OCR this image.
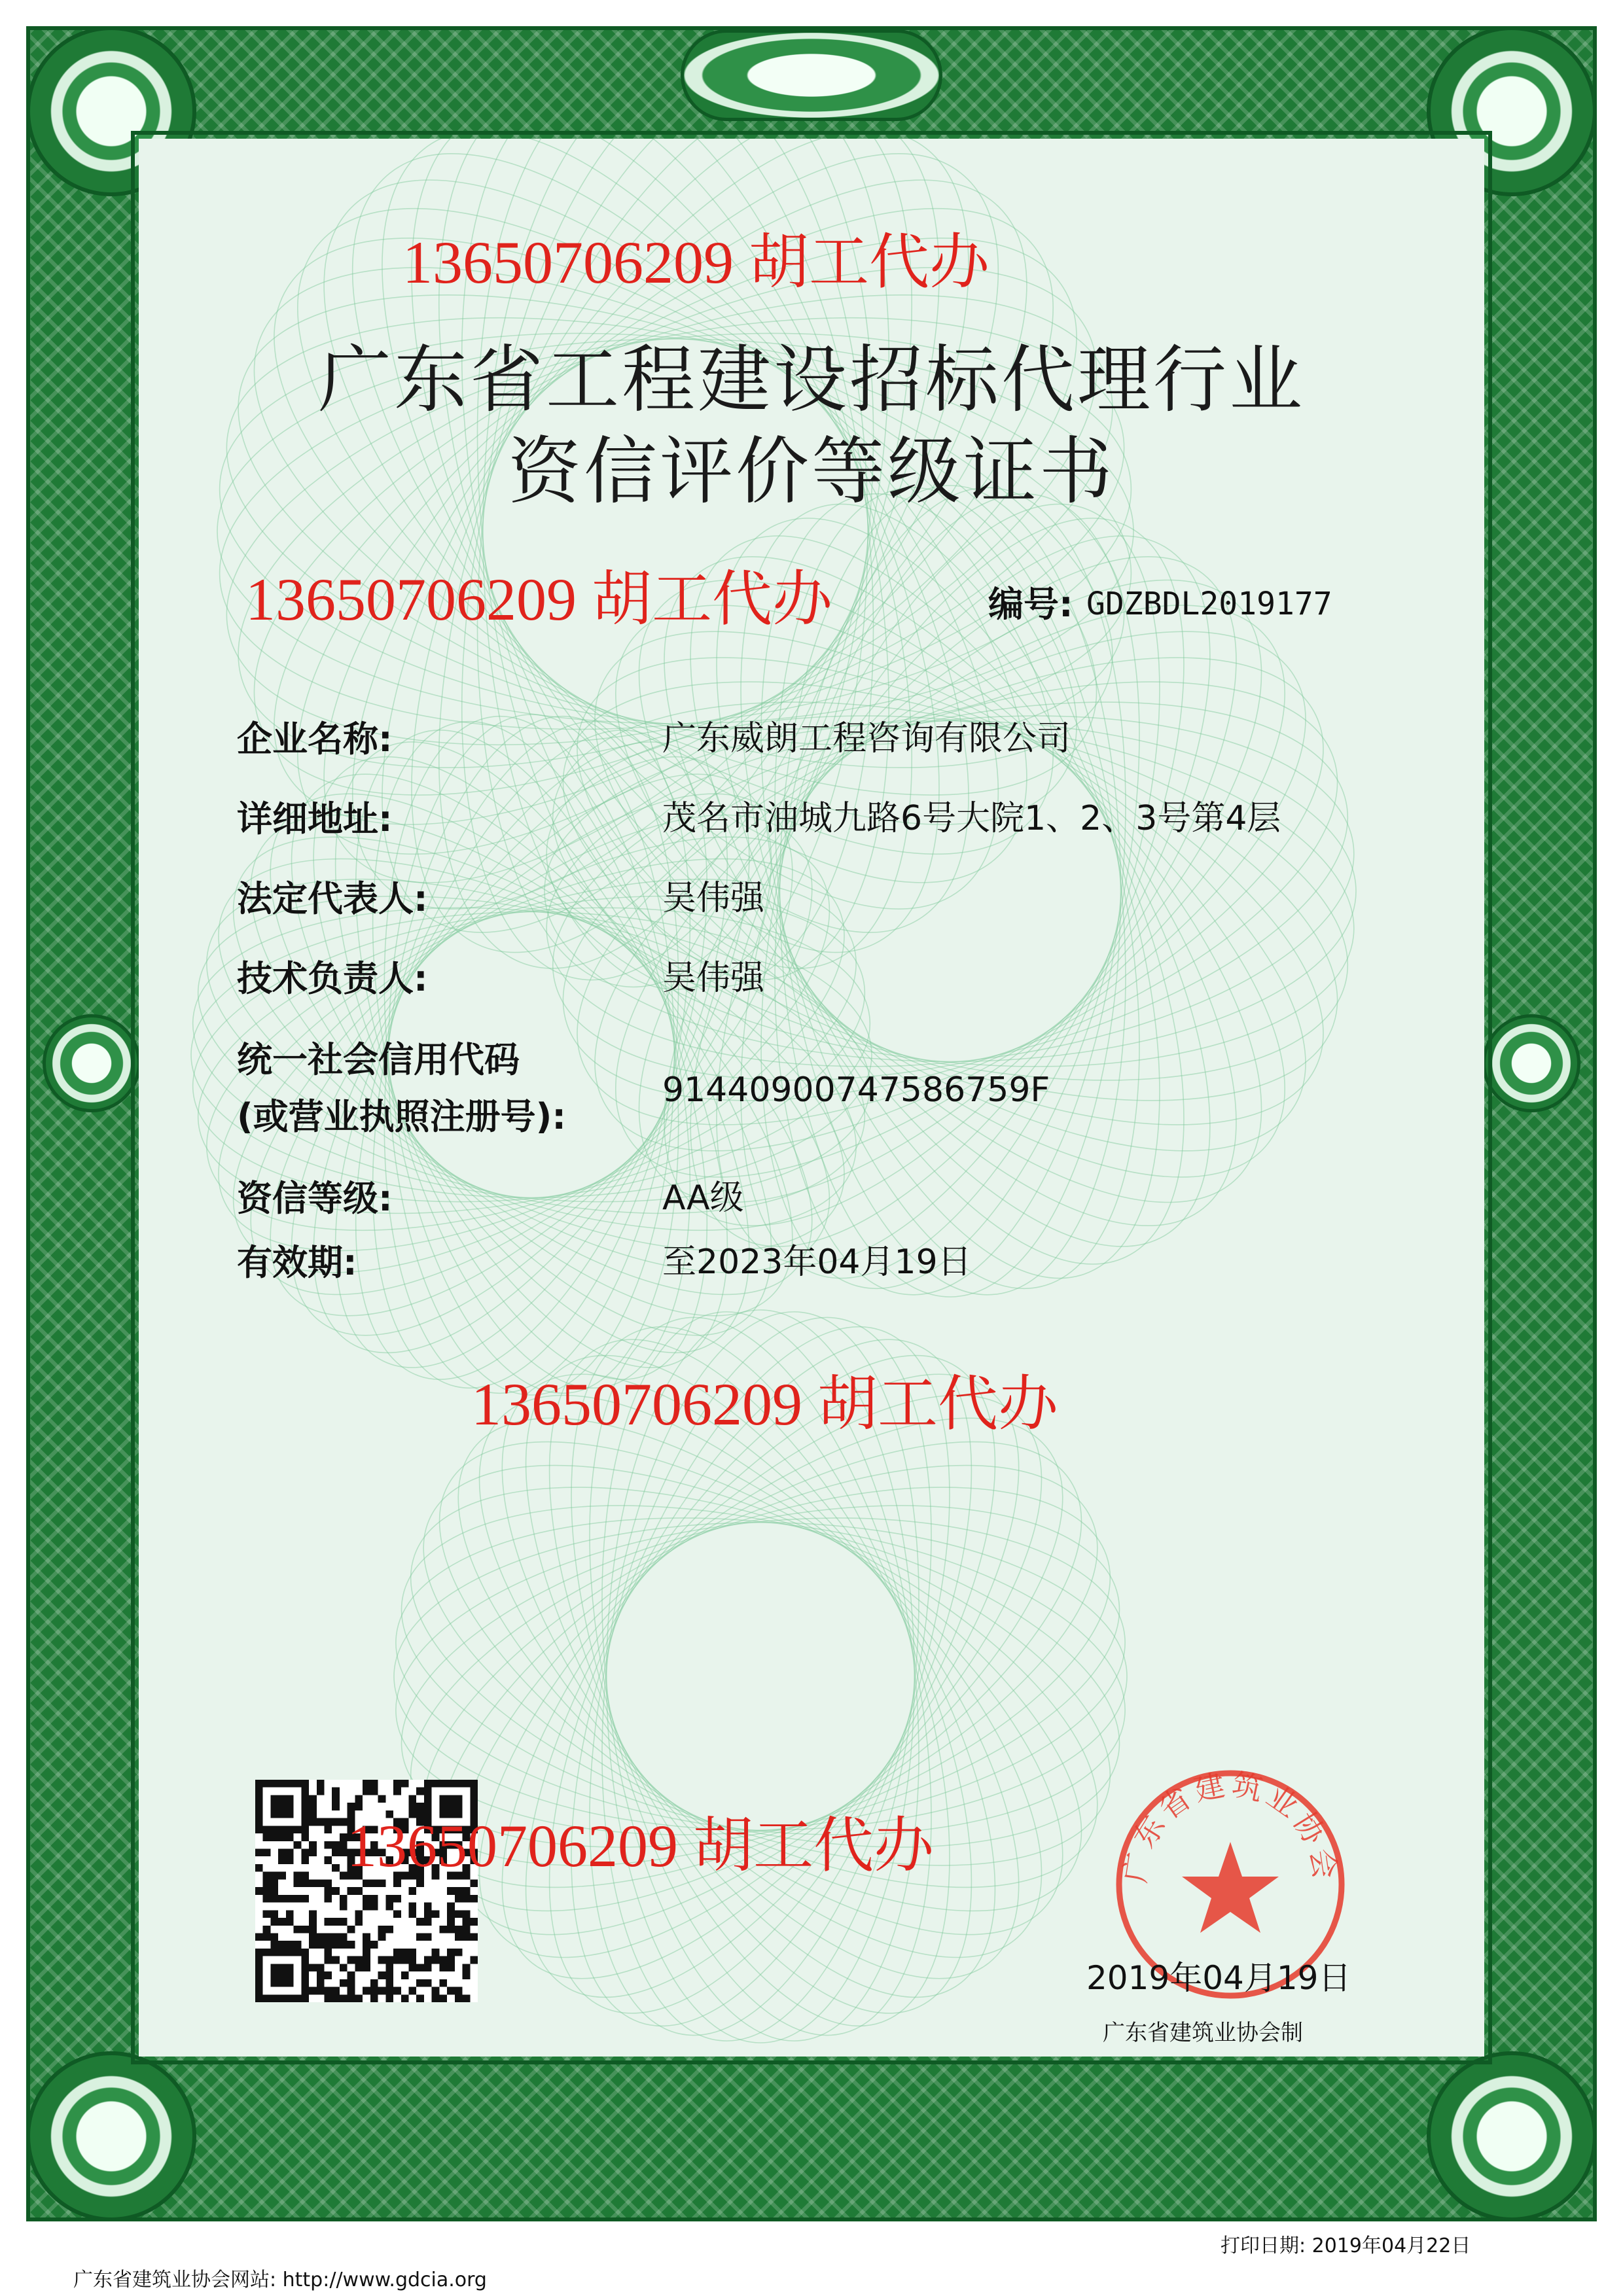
13650706209 胡工代办
13650706209 胡工代办
13650706209 胡工代办
广东省工程建设招标代理行业
资信评价等级证书
编号: GDZBDL2019177
企业名称:	广东威朗工程咨询有限公司
详细地址:	茂名市油城九路6号大院1、2、3号第4层
法定代表人:	吴伟强
技术负责人:	吴伟强
统一社会信用代码
(或营业执照注册号):
91440900747586759F
资信等级:	AA级
有效期:	至2023年04月19日
13650706209 胡工代办	广东省建筑业协会
2019年04月19日
广东省建筑业协会制
打印日期: 2019年04月22日
广东省建筑业协会网站: http://www.gdcia.org
